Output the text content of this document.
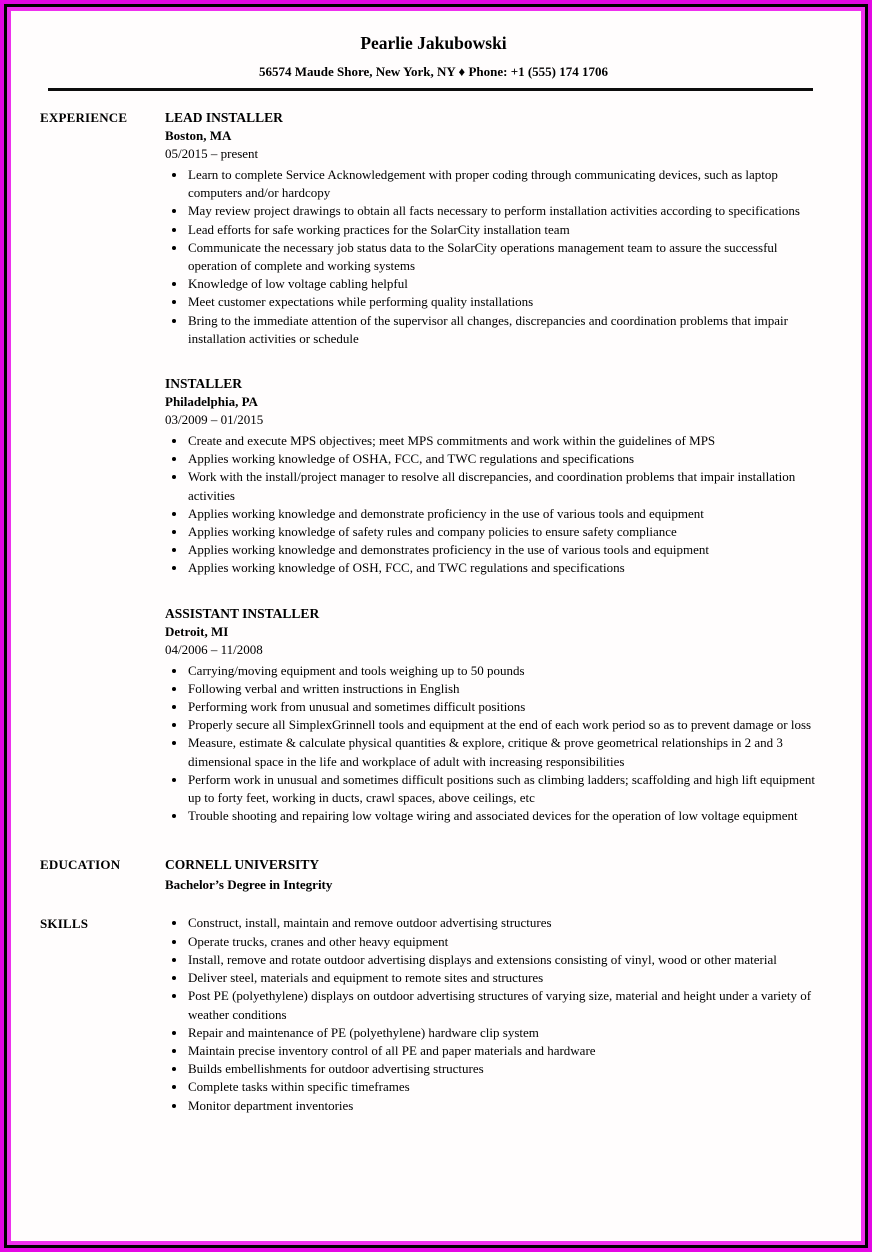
Pearlie Jakubowski
56574 Maude Shore, New York, NY ♦ Phone: +1 (555) 174 1706
EXPERIENCE	LEAD INSTALLER
Boston, MA
05/2015 – present
• Learn to complete Service Acknowledgement with proper coding through communicating devices, such as laptop computers and/or hardcopy
• May review project drawings to obtain all facts necessary to perform installation activities according to specifications
• Lead efforts for safe working practices for the SolarCity installation team
• Communicate the necessary job status data to the SolarCity operations management team to assure the successful operation of complete and working systems
• Knowledge of low voltage cabling helpful
• Meet customer expectations while performing quality installations
• Bring to the immediate attention of the supervisor all changes, discrepancies and coordination problems that impair installation activities or schedule
INSTALLER
Philadelphia, PA
03/2009 – 01/2015
• Create and execute MPS objectives; meet MPS commitments and work within the guidelines of MPS
• Applies working knowledge of OSHA, FCC, and TWC regulations and specifications
• Work with the install/project manager to resolve all discrepancies, and coordination problems that impair installation activities
• Applies working knowledge and demonstrate proficiency in the use of various tools and equipment
• Applies working knowledge of safety rules and company policies to ensure safety compliance
• Applies working knowledge and demonstrates proficiency in the use of various tools and equipment
• Applies working knowledge of OSH, FCC, and TWC regulations and specifications
ASSISTANT INSTALLER
Detroit, MI
04/2006 – 11/2008
• Carrying/moving equipment and tools weighing up to 50 pounds
• Following verbal and written instructions in English
• Performing work from unusual and sometimes difficult positions
• Properly secure all SimplexGrinnell tools and equipment at the end of each work period so as to prevent damage or loss
• Measure, estimate & calculate physical quantities & explore, critique & prove geometrical relationships in 2 and 3 dimensional space in the life and workplace of adult with increasing responsibilities
• Perform work in unusual and sometimes difficult positions such as climbing ladders; scaffolding and high lift equipment up to forty feet, working in ducts, crawl spaces, above ceilings, etc
• Trouble shooting and repairing low voltage wiring and associated devices for the operation of low voltage equipment
EDUCATION	CORNELL UNIVERSITY
Bachelor’s Degree in Integrity
SKILLS	• Construct, install, maintain and remove outdoor advertising structures
• Operate trucks, cranes and other heavy equipment
• Install, remove and rotate outdoor advertising displays and extensions consisting of vinyl, wood or other material
• Deliver steel, materials and equipment to remote sites and structures
• Post PE (polyethylene) displays on outdoor advertising structures of varying size, material and height under a variety of weather conditions
• Repair and maintenance of PE (polyethylene) hardware clip system
• Maintain precise inventory control of all PE and paper materials and hardware
• Builds embellishments for outdoor advertising structures
• Complete tasks within specific timeframes
• Monitor department inventories
